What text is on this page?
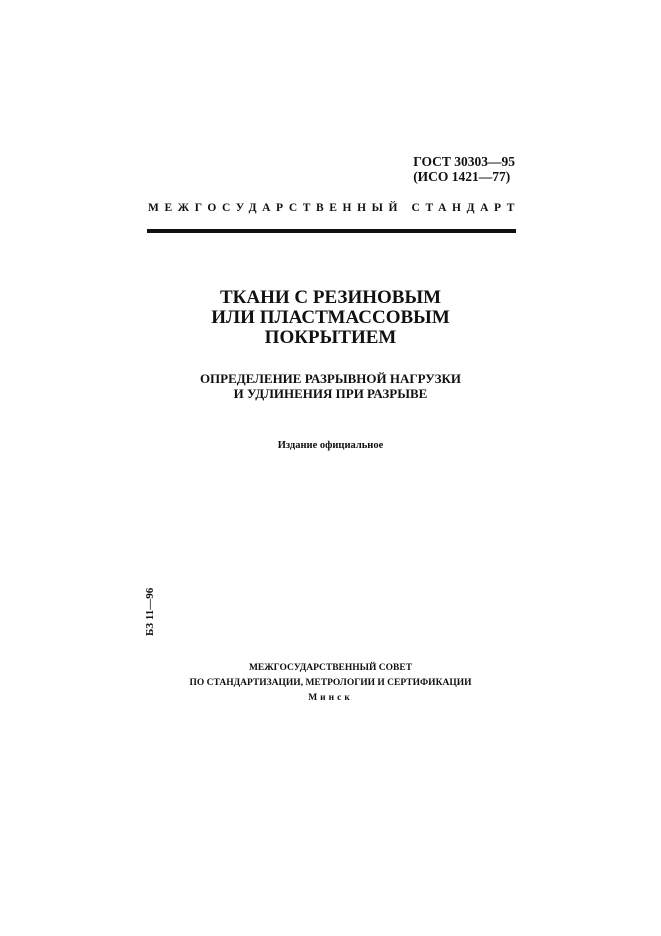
ГОСТ 30303—95
(ИСО 1421—77)
МЕЖГОСУДАРСТВЕННЫЙ СТАНДАРТ
ТКАНИ С РЕЗИНОВЫМ
ИЛИ ПЛАСТМАССОВЫМ
ПОКРЫТИЕМ
ОПРЕДЕЛЕНИЕ РАЗРЫВНОЙ НАГРУЗКИ
И УДЛИНЕНИЯ ПРИ РАЗРЫВЕ
Издание официальное
БЗ 11—96
МЕЖГОСУДАРСТВЕННЫЙ СОВЕТ
ПО СТАНДАРТИЗАЦИИ, МЕТРОЛОГИИ И СЕРТИФИКАЦИИ
Минск
